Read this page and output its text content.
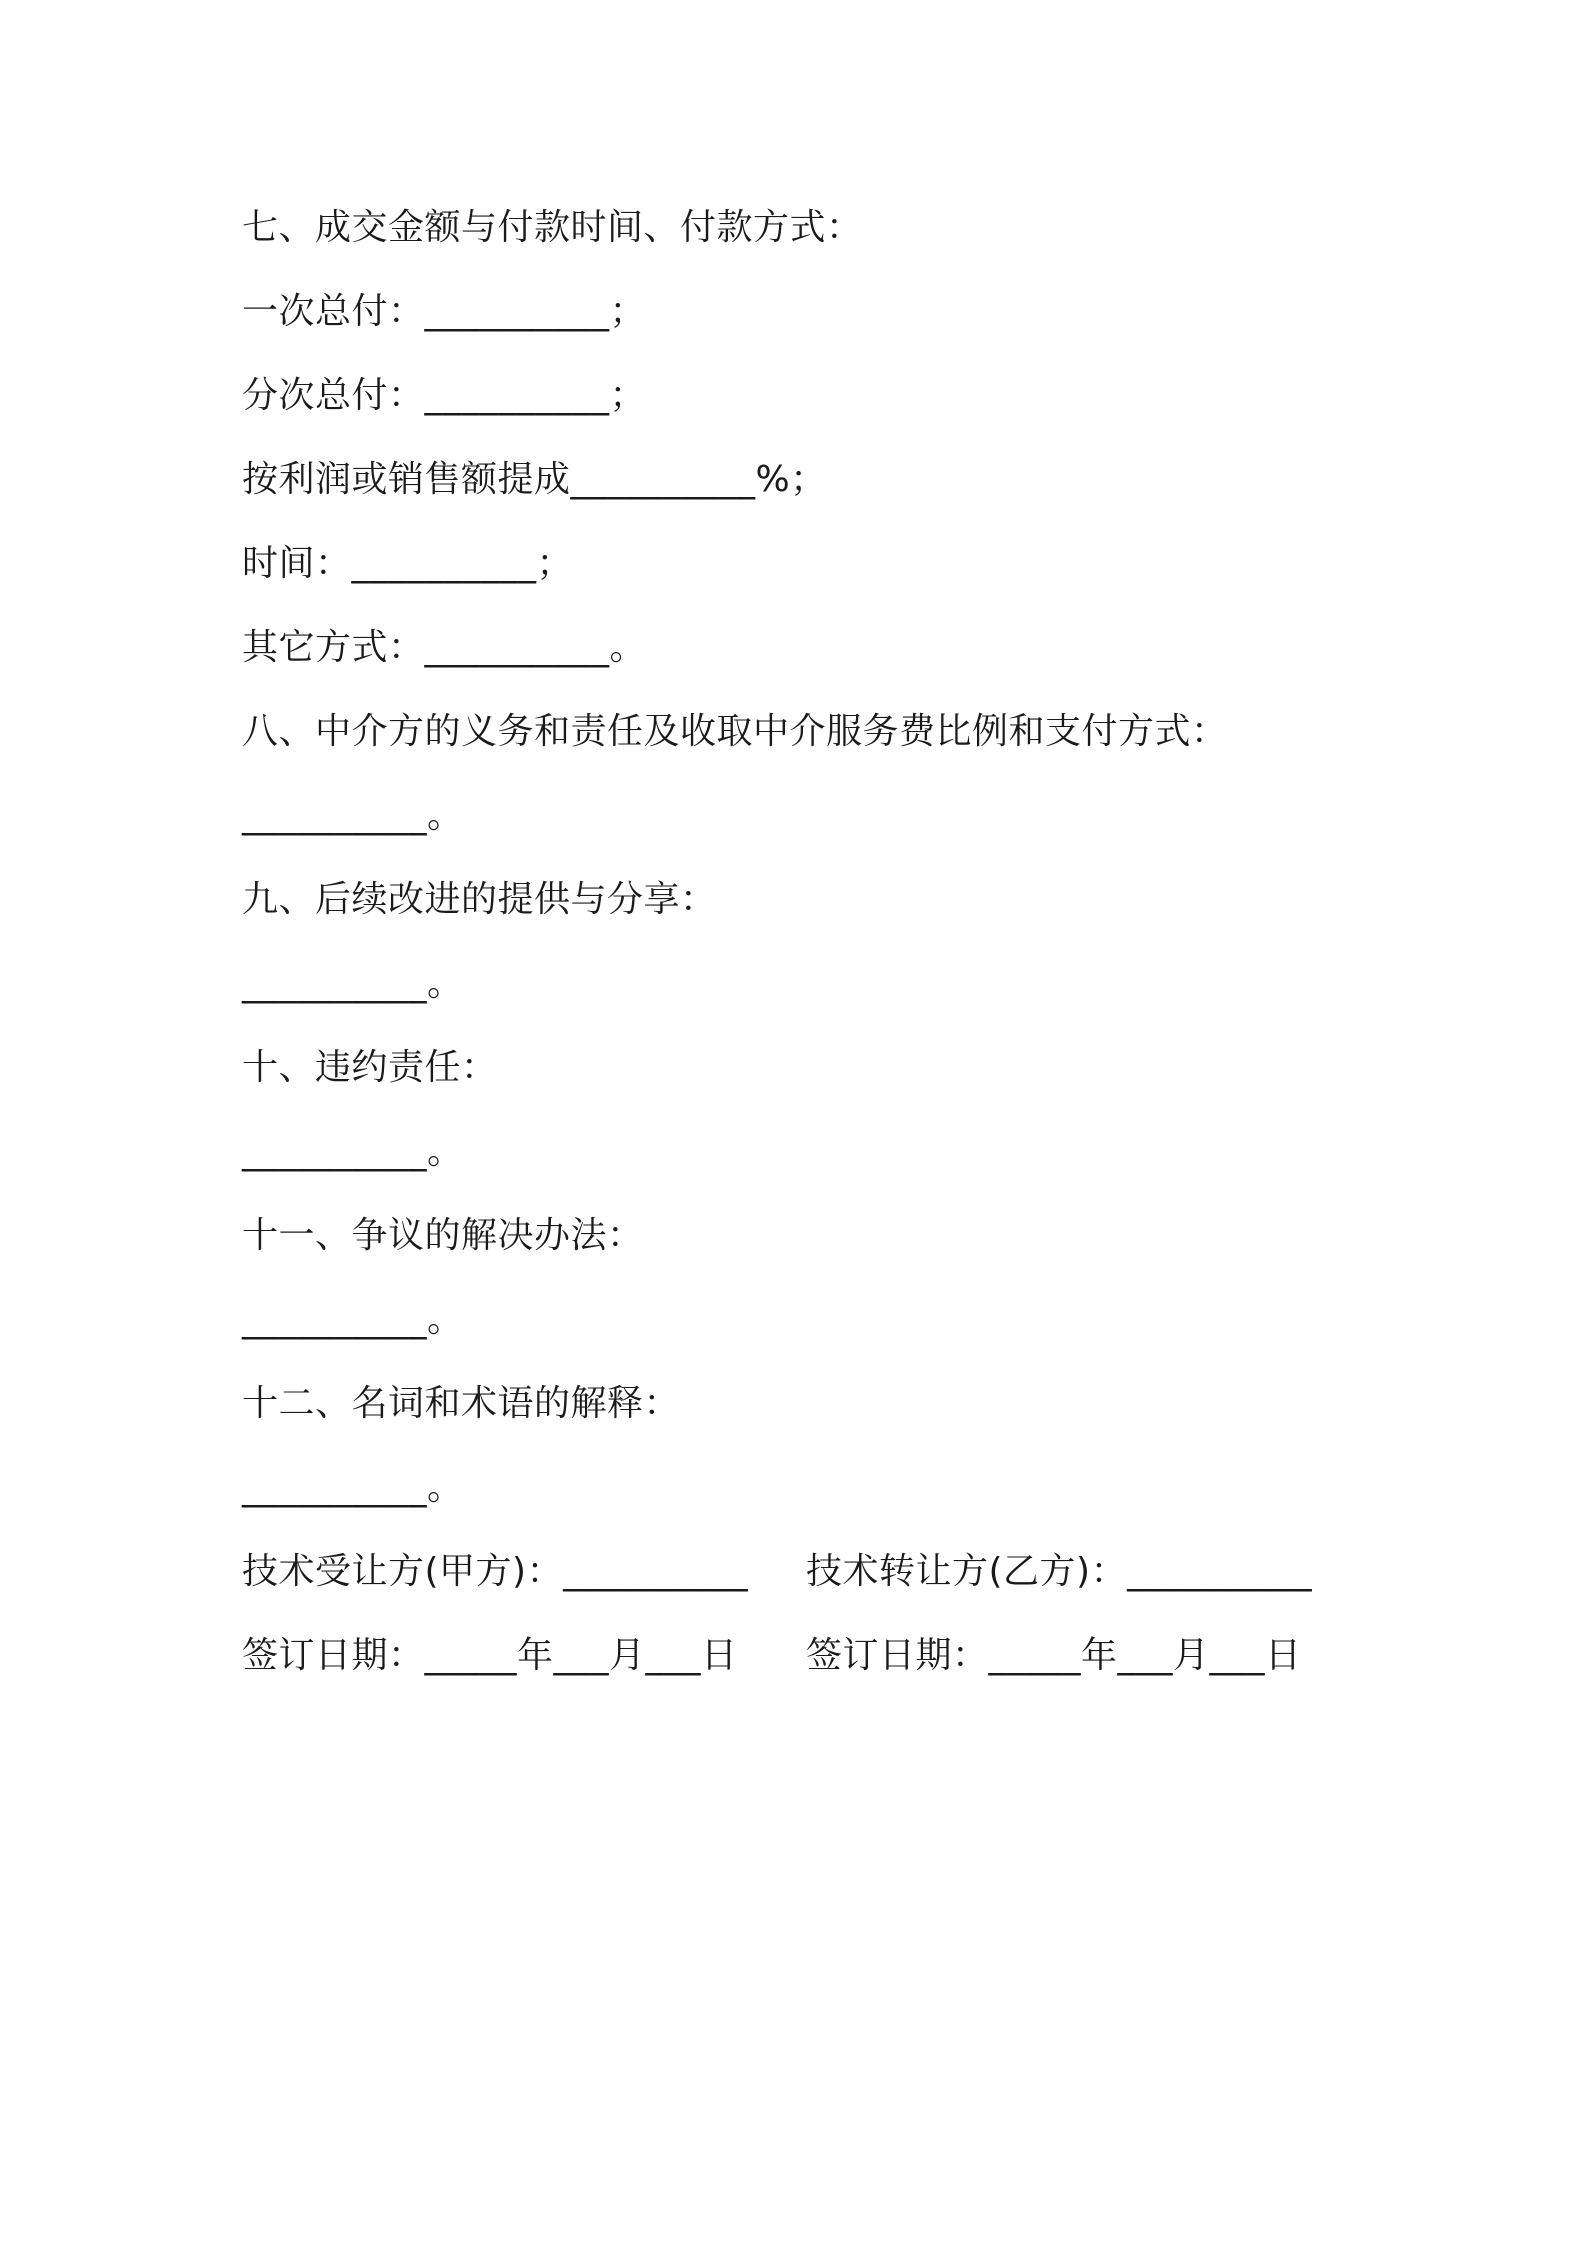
七、成交金额与付款时间、付款方式：
一次总付：__________；
分次总付：__________；
按利润或销售额提成__________%；
时间：__________；
其它方式：__________。
八、中介方的义务和责任及收取中介服务费比例和支付方式：
__________。
九、后续改进的提供与分享：
__________。
十、违约责任：
__________。
十一、争议的解决办法：
__________。
十二、名词和术语的解释：
__________。
技术受让方(甲方)：__________ 技术转让方(乙方)：__________
签订日期：_____年___月___日 签订日期：_____年___月___日
